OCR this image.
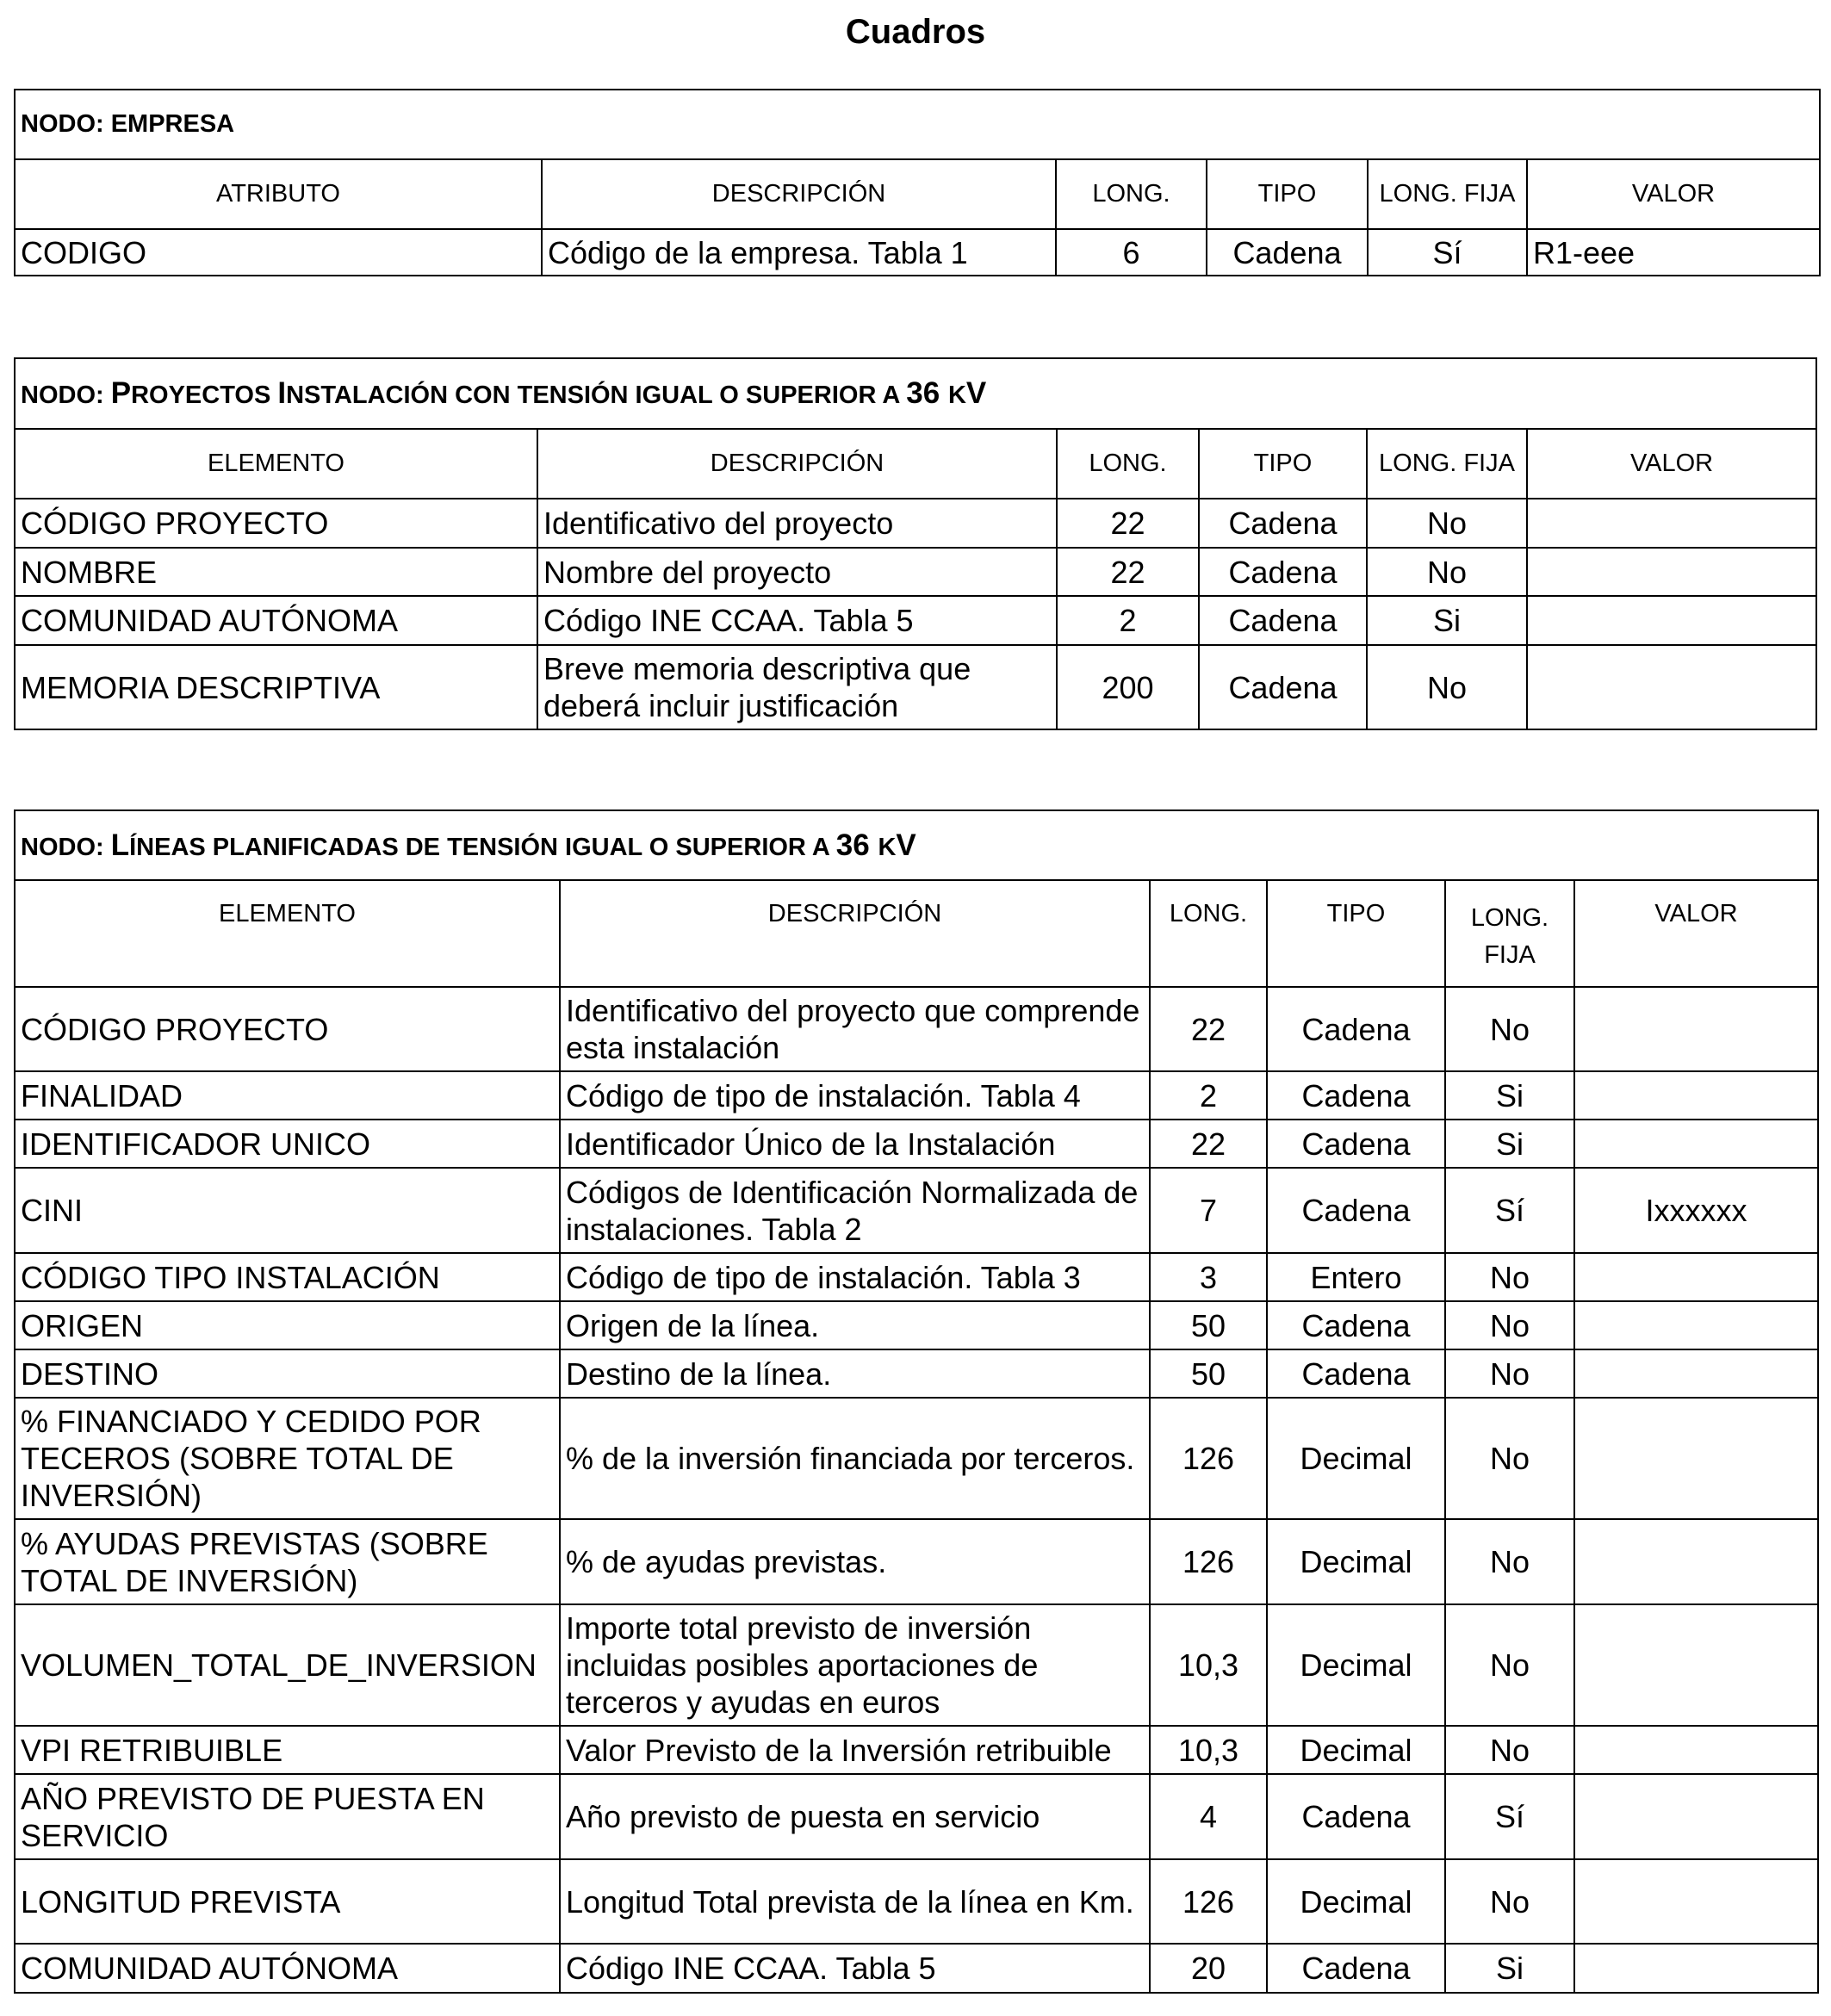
Cuadros
NODO: EMPRESA					
ATRIBUTO	DESCRIPCIÓN	LONG.	TIPO	LONG. FIJA	VALOR
CODIGO	Código de la empresa. Tabla 1	6	Cadena	Sí	R1-eee
NODO: PROYECTOS INSTALACIÓN CON TENSIÓN IGUAL O SUPERIOR A 36 KV					
ELEMENTO	DESCRIPCIÓN	LONG.	TIPO	LONG. FIJA	VALOR
CÓDIGO PROYECTO	Identificativo del proyecto	22	Cadena	No	
NOMBRE	Nombre del proyecto	22	Cadena	No	
COMUNIDAD AUTÓNOMA	Código INE CCAA. Tabla 5	2	Cadena	Si	
MEMORIA DESCRIPTIVA	Breve memoria descriptiva que deberá incluir justificación	200	Cadena	No	
NODO: LÍNEAS PLANIFICADAS DE TENSIÓN IGUAL O SUPERIOR A 36 KV					
ELEMENTO	DESCRIPCIÓN	LONG.	TIPO	LONG. FIJA	VALOR
CÓDIGO PROYECTO	Identificativo del proyecto que comprende esta instalación	22	Cadena	No	
FINALIDAD	Código de tipo de instalación. Tabla 4	2	Cadena	Si	
IDENTIFICADOR UNICO	Identificador Único de la Instalación	22	Cadena	Si	
CINI	Códigos de Identificación Normalizada de instalaciones. Tabla 2	7	Cadena	Sí	Ixxxxxx
CÓDIGO TIPO INSTALACIÓN	Código de tipo de instalación. Tabla 3	3	Entero	No	
ORIGEN	Origen de la línea.	50	Cadena	No	
DESTINO	Destino de la línea.	50	Cadena	No	
% FINANCIADO Y CEDIDO POR TECEROS (SOBRE TOTAL DE INVERSIÓN)	% de la inversión financiada por terceros.	126	Decimal	No	
% AYUDAS PREVISTAS (SOBRE TOTAL DE INVERSIÓN)	% de ayudas previstas.	126	Decimal	No	
VOLUMEN_TOTAL_DE_INVERSION	Importe total previsto de inversión incluidas posibles aportaciones de terceros y ayudas en euros	10,3	Decimal	No	
VPI RETRIBUIBLE	Valor Previsto de la Inversión retribuible	10,3	Decimal	No	
AÑO PREVISTO DE PUESTA EN SERVICIO	Año previsto de puesta en servicio	4	Cadena	Sí	
LONGITUD PREVISTA	Longitud Total prevista de la línea en Km.	126	Decimal	No	
COMUNIDAD AUTÓNOMA	Código INE CCAA. Tabla 5	20	Cadena	Si	
